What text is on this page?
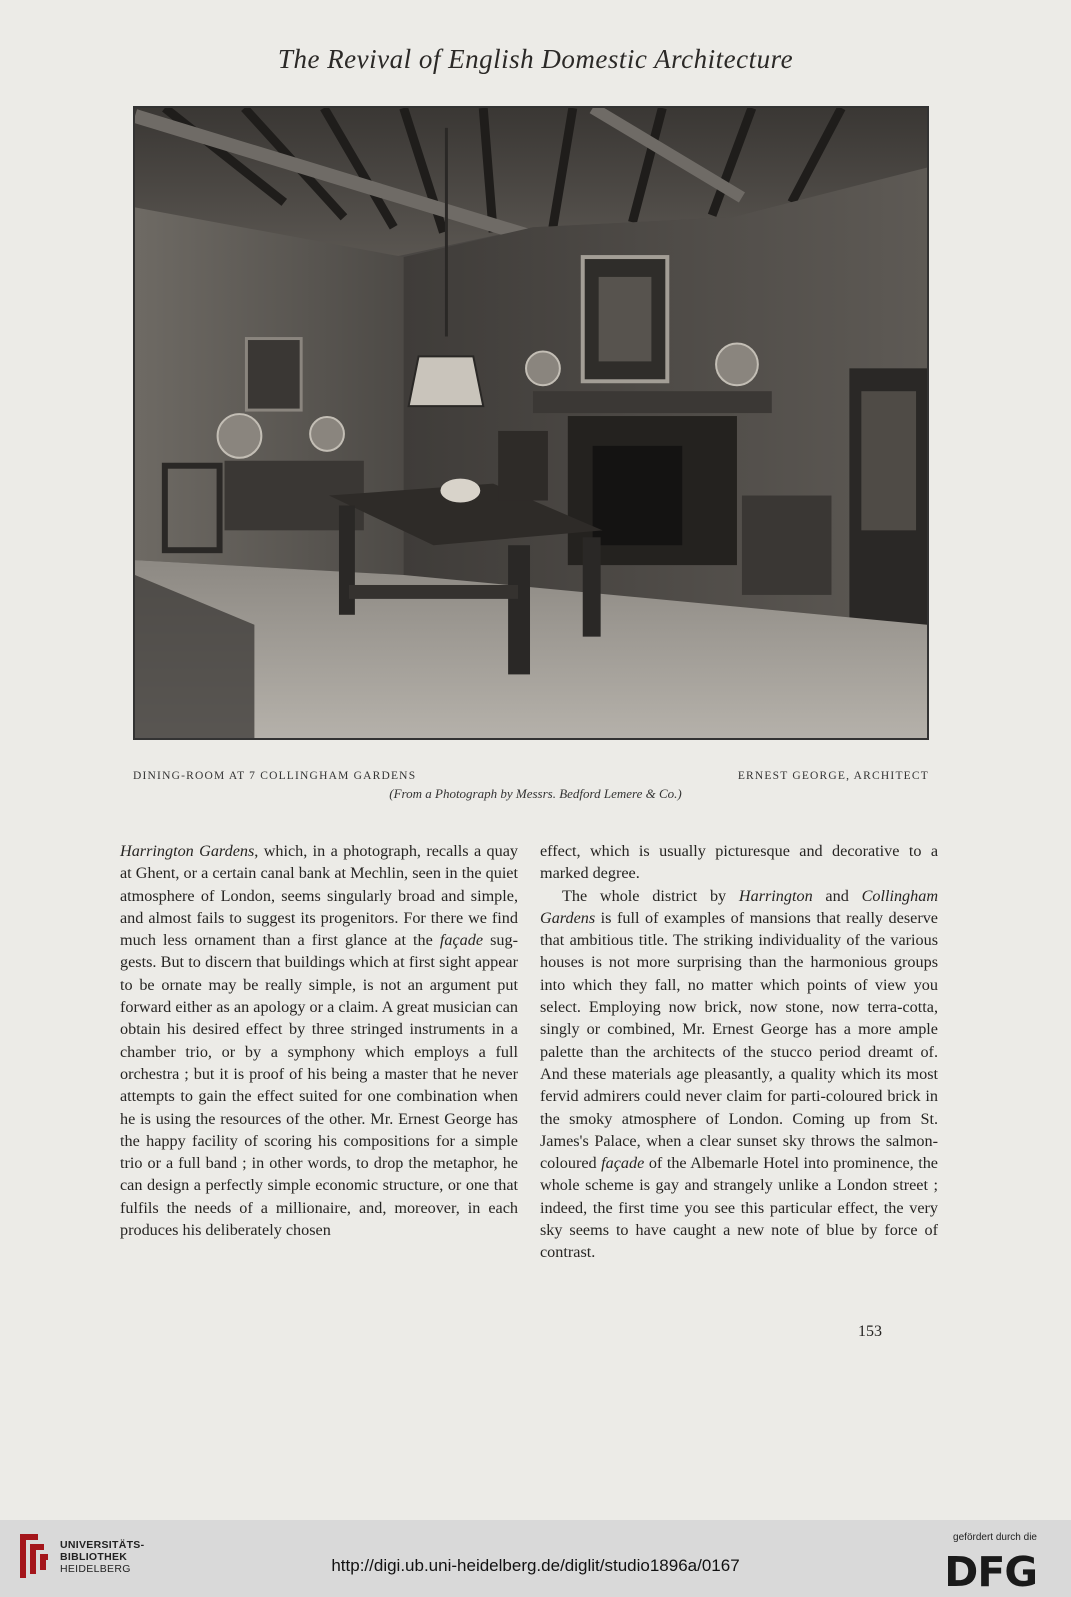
The Revival of English Domestic Architecture
DINING-ROOM AT 7 COLLINGHAM GARDENS	ERNEST GEORGE, ARCHITECT
(From a Photograph by Messrs. Bedford Lemere & Co.)

Harrington Gardens, which, in a photograph, recalls a quay at Ghent, or a certain canal bank at Mechlin, seen in the quiet atmosphere of London, seems singularly broad and simple, and almost fails to suggest its progenitors. For there we find much less ornament than a first glance at the façade suggests. But to discern that buildings which at first sight appear to be ornate may be really simple, is not an argument put forward either as an apology or a claim. A great musician can obtain his desired effect by three stringed instruments in a chamber trio, or by a symphony which employs a full orchestra ; but it is proof of his being a master that he never attempts to gain the effect suited for one combination when he is using the resources of the other. Mr. Ernest George has the happy facility of scoring his compositions for a simple trio or a full band ; in other words, to drop the metaphor, he can design a perfectly simple economic structure, or one that fulfils the needs of a millionaire, and, moreover, in each produces his deliberately chosen

effect, which is usually picturesque and decorative to a marked degree.

The whole district by Harrington and Collingham Gardens is full of examples of mansions that really deserve that ambitious title. The striking individuality of the various houses is not more surprising than the harmonious groups into which they fall, no matter which points of view you select. Employing now brick, now stone, now terra-cotta, singly or combined, Mr. Ernest George has a more ample palette than the architects of the stucco period dreamt of. And these materials age pleasantly, a quality which its most fervid admirers could never claim for parti-coloured brick in the smoky atmosphere of London. Coming up from St. James's Palace, when a clear sunset sky throws the salmon-coloured façade of the Albemarle Hotel into prominence, the whole scheme is gay and strangely unlike a London street ; indeed, the first time you see this particular effect, the very sky seems to have caught a new note of blue by force of contrast.

153
UNIVERSITÄTS-
BIBLIOTHEK
HEIDELBERG	http://digi.ub.uni-heidelberg.de/diglit/studio1896a/0167
gefördert durch die
DFG
